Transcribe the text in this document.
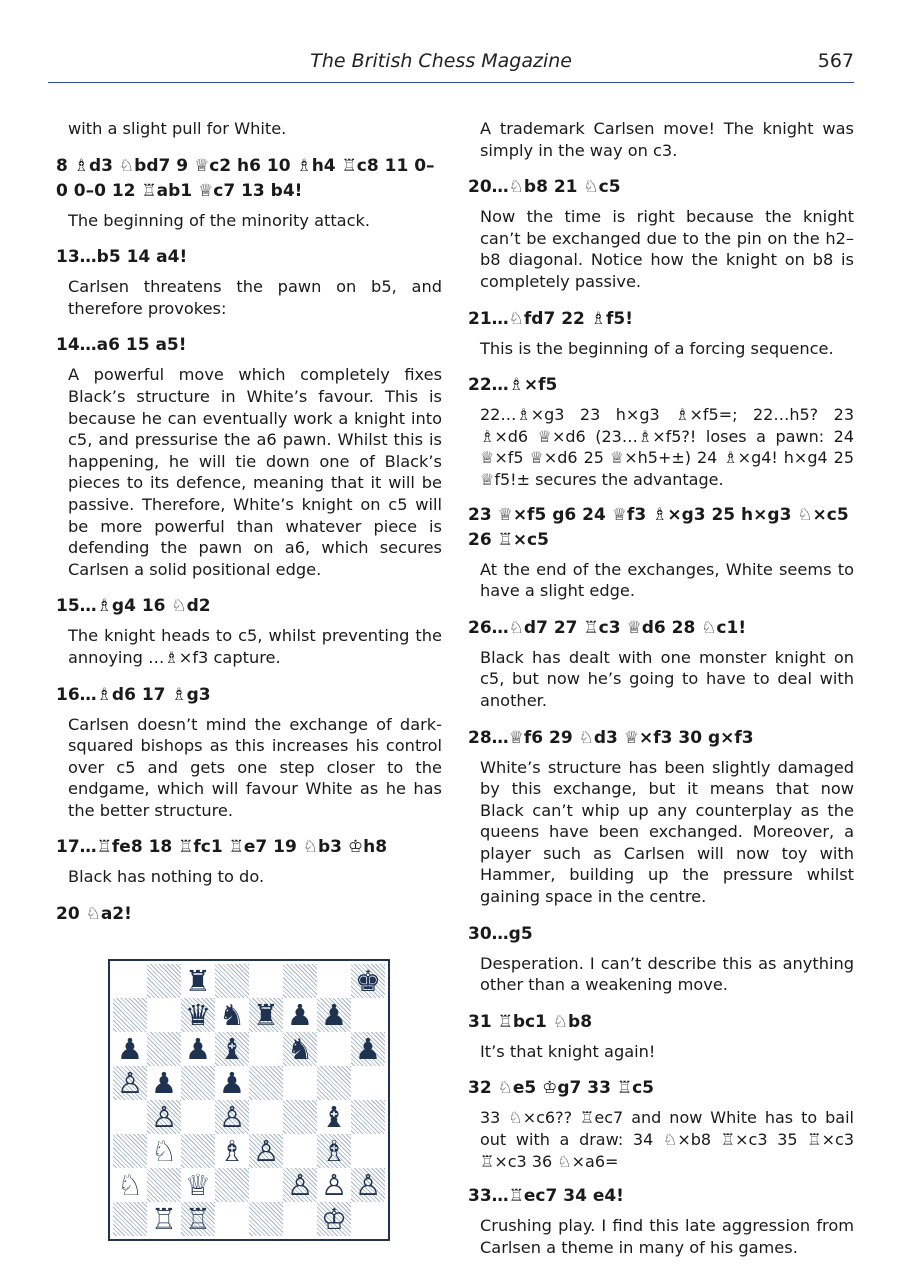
The British Chess Magazine	567
with a slight pull for White.
8 ♗d3 ♘bd7 9 ♕c2 h6 10 ♗h4 ♖c8 11 0–0 0–0 12 ♖ab1 ♕c7 13 b4!
The beginning of the minority attack.
13…b5 14 a4!
Carlsen threatens the pawn on b5, and therefore provokes:
14…a6 15 a5!
A powerful move which completely fixes Black’s structure in White’s favour. This is because he can eventually work a knight into c5, and pressurise the a6 pawn. Whilst this is happening, he will tie down one of Black’s pieces to its defence, meaning that it will be passive. Therefore, White’s knight on c5 will be more powerful than whatever piece is defending the pawn on a6, which secures Carlsen a solid positional edge.
15…♗g4 16 ♘d2
The knight heads to c5, whilst preventing the annoying …♗×f3 capture.
16…♗d6 17 ♗g3
Carlsen doesn’t mind the exchange of dark-squared bishops as this increases his control over c5 and gets one step closer to the endgame, which will favour White as he has the better structure.
17…♖fe8 18 ♖fc1 ♖e7 19 ♘b3 ♔h8
Black has nothing to do.
20 ♘a2!
♜	♚
♛ ♞ ♜ ♟ ♟
♟ ♟ ♝ ♞ ♟
♙ ♟ ♟
♙ ♙	♝
♘ ♗ ♙ ♗
♘ ♕	♙ ♙ ♙
♖ ♖	♔
A trademark Carlsen move! The knight was simply in the way on c3.
20…♘b8 21 ♘c5
Now the time is right because the knight can’t be exchanged due to the pin on the h2–b8 diagonal. Notice how the knight on b8 is completely passive.
21…♘fd7 22 ♗f5!
This is the beginning of a forcing sequence.
22…♗×f5
22…♗×g3 23 h×g3 ♗×f5=; 22…h5? 23 ♗×d6 ♕×d6 (23…♗×f5?! loses a pawn: 24 ♕×f5 ♕×d6 25 ♕×h5+±) 24 ♗×g4! h×g4 25 ♕f5!± secures the advantage.
23 ♕×f5 g6 24 ♕f3 ♗×g3 25 h×g3 ♘×c5 26 ♖×c5
At the end of the exchanges, White seems to have a slight edge.
26…♘d7 27 ♖c3 ♕d6 28 ♘c1!
Black has dealt with one monster knight on c5, but now he’s going to have to deal with another.
28…♕f6 29 ♘d3 ♕×f3 30 g×f3
White’s structure has been slightly damaged by this exchange, but it means that now Black can’t whip up any counterplay as the queens have been exchanged. Moreover, a player such as Carlsen will now toy with Hammer, building up the pressure whilst gaining space in the centre.
30…g5
Desperation. I can’t describe this as anything other than a weakening move.
31 ♖bc1 ♘b8
It’s that knight again!
32 ♘e5 ♔g7 33 ♖c5
33 ♘×c6?? ♖ec7 and now White has to bail out with a draw: 34 ♘×b8 ♖×c3 35 ♖×c3 ♖×c3 36 ♘×a6=
33…♖ec7 34 e4!
Crushing play. I find this late aggression from Carlsen a theme in many of his games.
